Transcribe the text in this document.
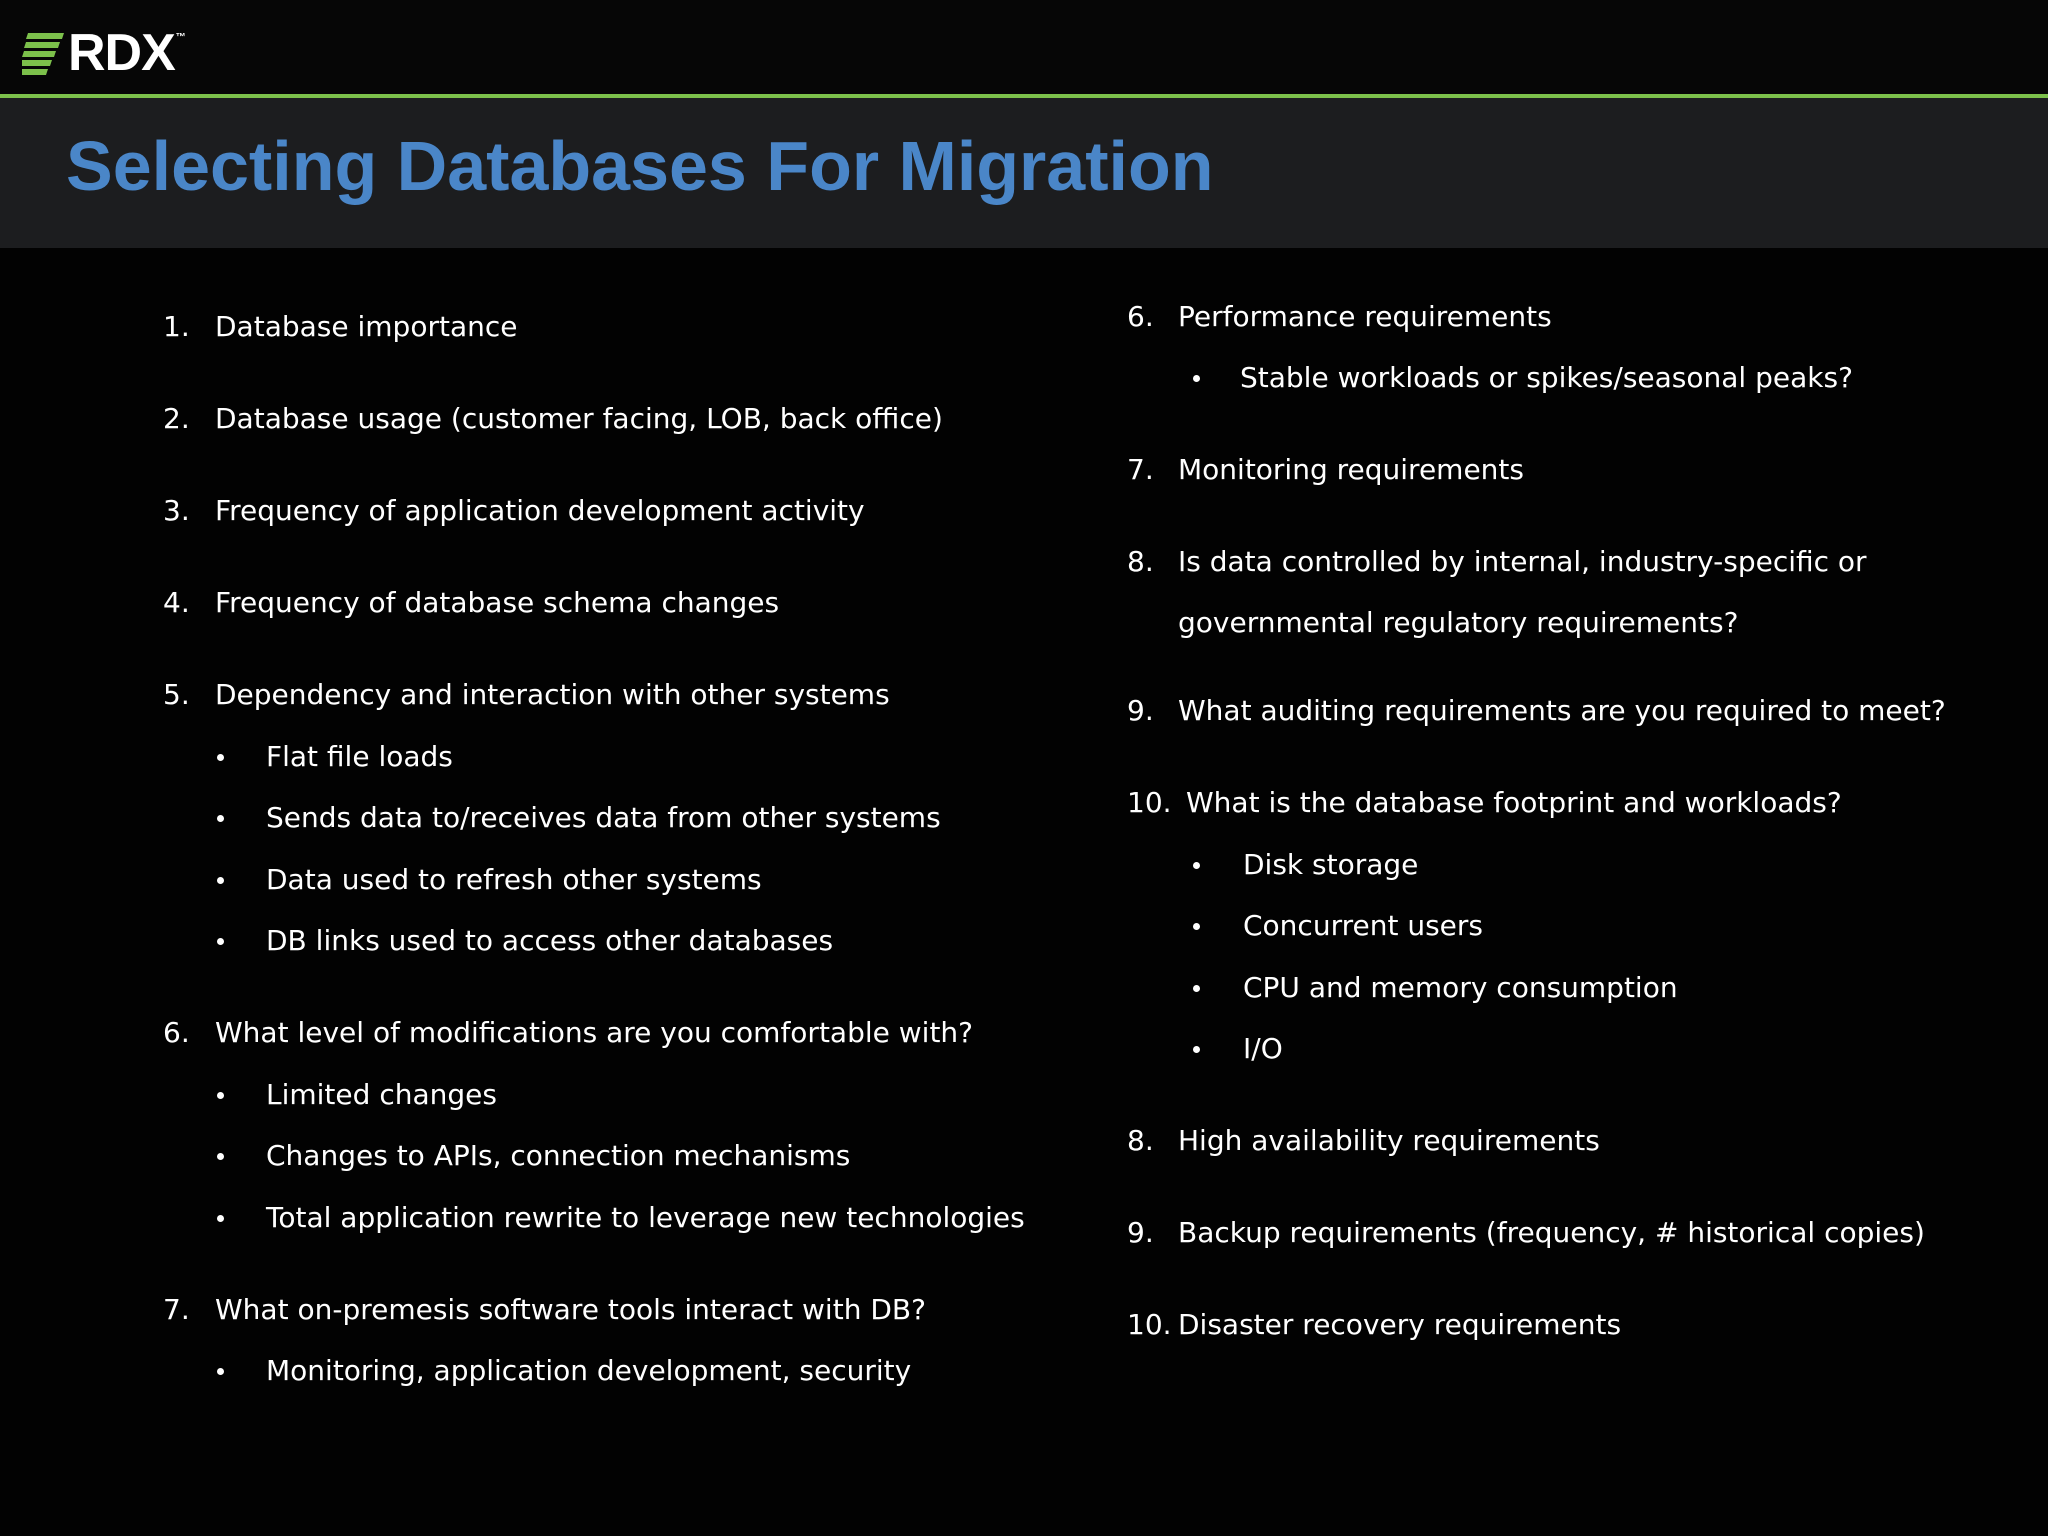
RDX ™
Selecting Databases For Migration
1. Database importance
2. Database usage (customer facing, LOB, back office)
3. Frequency of application development activity
4. Frequency of database schema changes
5. Dependency and interaction with other systems
Flat file loads
Sends data to/receives data from other systems
Data used to refresh other systems
DB links used to access other databases
6. What level of modifications are you comfortable with?
Limited changes
Changes to APIs, connection mechanisms
Total application rewrite to leverage new technologies
7. What on-premesis software tools interact with DB?
Monitoring, application development, security
6. Performance requirements
Stable workloads or spikes/seasonal peaks?
7. Monitoring requirements
8. Is data controlled by internal, industry-specific or
governmental regulatory requirements?
9. What auditing requirements are you required to meet?
10. What is the database footprint and workloads?
Disk storage
Concurrent users
CPU and memory consumption
I/O
8. High availability requirements
9. Backup requirements (frequency, # historical copies)
10. Disaster recovery requirements
